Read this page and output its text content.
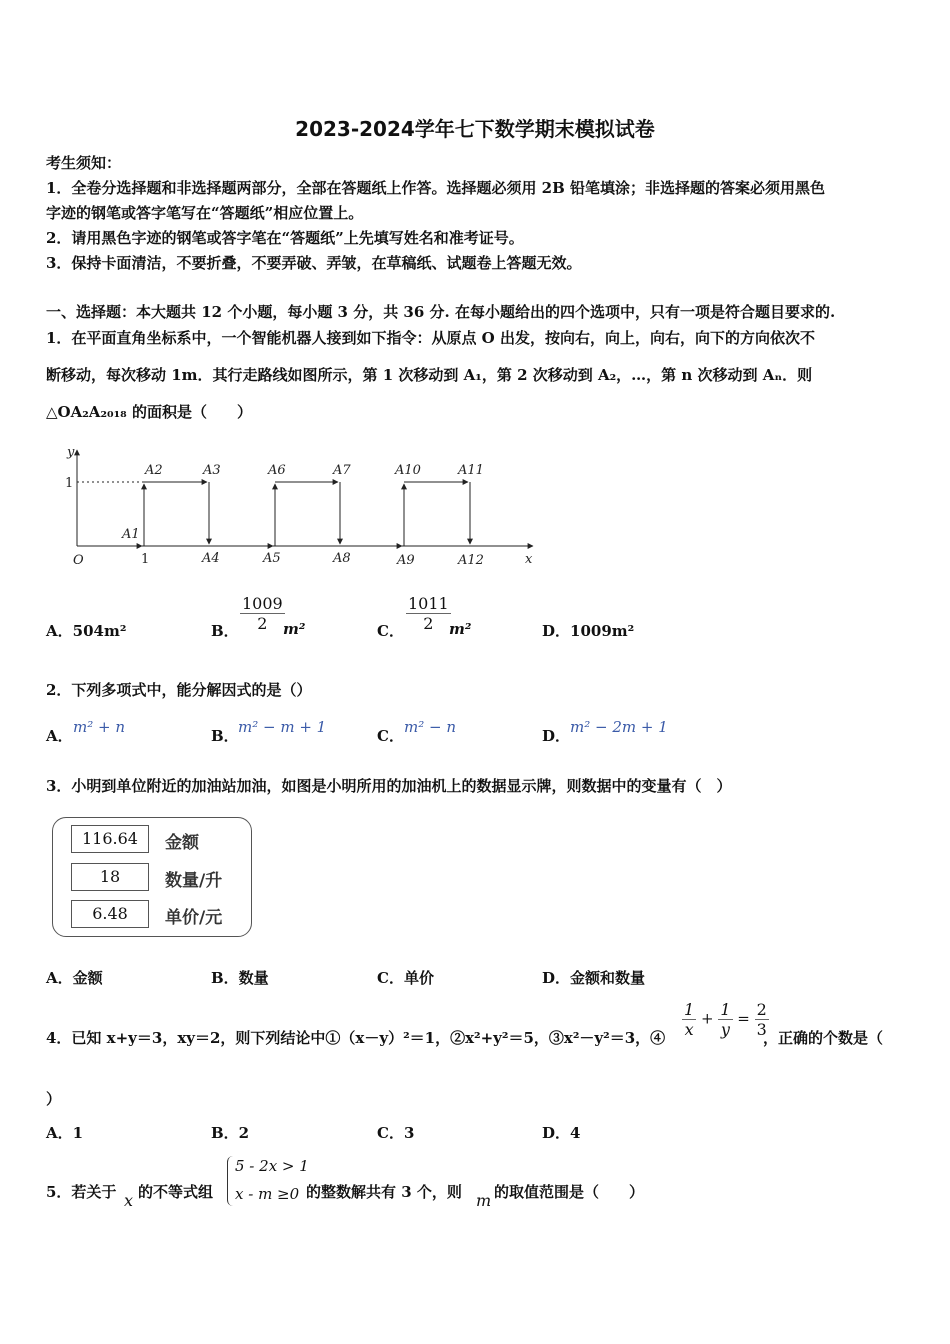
2023-2024学年七下数学期末模拟试卷
考生须知：
1．全卷分选择题和非选择题两部分，全部在答题纸上作答。选择题必须用 2B 铅笔填涂；非选择题的答案必须用黑色
字迹的钢笔或答字笔写在“答题纸”相应位置上。
2．请用黑色字迹的钢笔或答字笔在“答题纸”上先填写姓名和准考证号。
3．保持卡面清洁，不要折叠，不要弄破、弄皱，在草稿纸、试题卷上答题无效。
一、选择题：本大题共 12 个小题，每小题 3 分，共 36 分. 在每小题给出的四个选项中，只有一项是符合题目要求的.
1．在平面直角坐标系中，一个智能机器人接到如下指令：从原点 O 出发，按向右，向上，向右，向下的方向依次不
断移动，每次移动 1m．其行走路线如图所示，第 1 次移动到 A₁，第 2 次移动到 A₂，…，第 n 次移动到 Aₙ．则
△OA₂A₂₀₁₈ 的面积是（　　）
y
x
O
A1
A2	A3
A4	A5
A6	A7
A8	A9
A10	A11
A12
1
1
A．504m²	B． $\frac{1009}{2}$
m²	C． $\frac{1011}{2}$
m²	D．1009m²
2．下列多项式中，能分解因式的是（）
A． m² + n	B． m² − m + 1	C． m² − n	D． m² − 2m + 1
3．小明到单位附近的加油站加油，如图是小明所用的加油机上的数据显示牌，则数据中的变量有（　）
116.64	金额
18	数量/升
6.48	单价/元
A．金额	B．数量	C．单价	D．金额和数量
4．已知 x+y＝3，xy＝2，则下列结论中①（x－y）²＝1，②x²+y²＝5，③x²－y²＝3，④ $\frac{1}{x} + \frac{1}{y} = \frac{2}{3}$
，正确的个数是（
）
A．1	B．2	C．3	D．4
5．若关于 x 的不等式组
5 - 2x > 1
x - m ≥0 的整数解共有 3 个，则 m 的取值范围是（　　）
